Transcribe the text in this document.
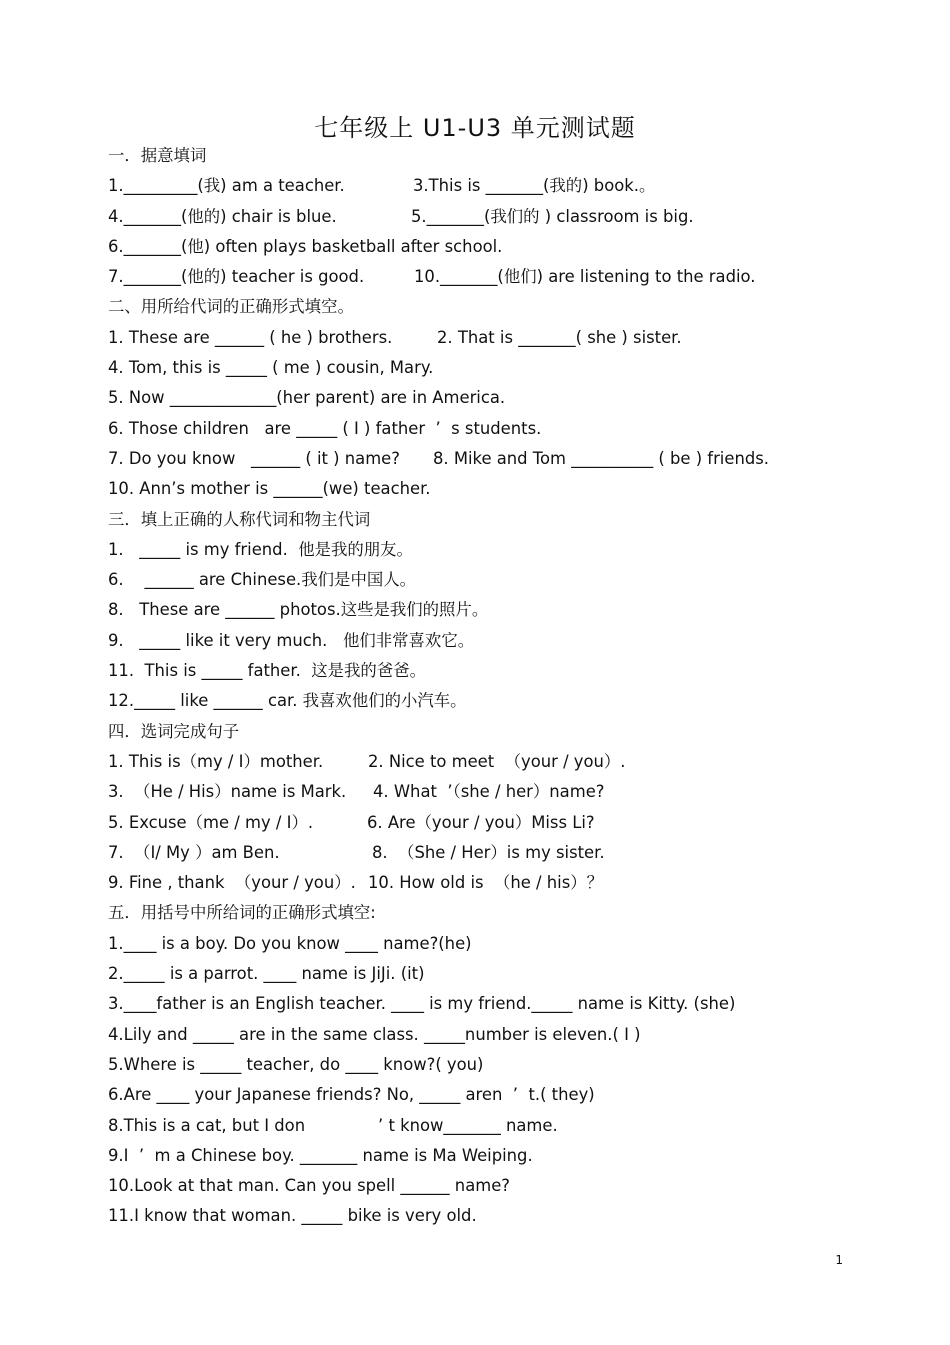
七年级上 U1-U3 单元测试题
一．据意填词
1._________(我) am a teacher.	3.This is _______(我的) book.。
4._______(他的) chair is blue.	5._______(我们的 ) classroom is big.
6._______(他) often plays basketball after school.
7._______(他的) teacher is good.	10._______(他们) are listening to the radio.
二、用所给代词的正确形式填空。
1. These are ______ ( he ) brothers.	2. That is _______( she ) sister.
4. Tom, this is _____ ( me ) cousin, Mary.
5. Now _____________(her parent) are in America.
6. Those children   are _____ ( I ) father  ’  s students.
7. Do you know   ______ ( it ) name? 8. Mike and Tom __________ ( be ) friends.
10. Ann’s mother is ______(we) teacher.
三．填上正确的人称代词和物主代词
1.   _____ is my friend.  他是我的朋友。
6.    ______ are Chinese.我们是中国人。
8.   These are ______ photos.这些是我们的照片。
9.   _____ like it very much.   他们非常喜欢它。
11.  This is _____ father.  这是我的爸爸。
12._____ like ______ car. 我喜欢他们的小汽车。
四．选词完成句子
1. This is（my / I）mother.	2. Nice to meet  （your / you）.
3.  （He / His）name is Mark. 4. What  ’（she / her）name?
5. Excuse（me / my / I）.	6. Are（your / you）Miss Li?
7.  （I/ My ）am Ben.	8.  （She / Her）is my sister.
9. Fine , thank  （your / you）. 10. How old is  （he / his）？
五．用括号中所给词的正确形式填空:
1.____ is a boy. Do you know ____ name?(he)
2._____ is a parrot. ____ name is JiJi. (it)
3.____father is an English teacher. ____ is my friend._____ name is Kitty. (she)
4.Lily and _____ are in the same class. _____number is eleven.( I )
5.Where is _____ teacher, do ____ know?( you)
6.Are ____ your Japanese friends? No, _____ aren  ’  t.( they)
8.This is a cat, but I don              ’ t know_______ name.
9.I  ’  m a Chinese boy. _______ name is Ma Weiping.
10.Look at that man. Can you spell ______ name?
11.I know that woman. _____ bike is very old.
1
